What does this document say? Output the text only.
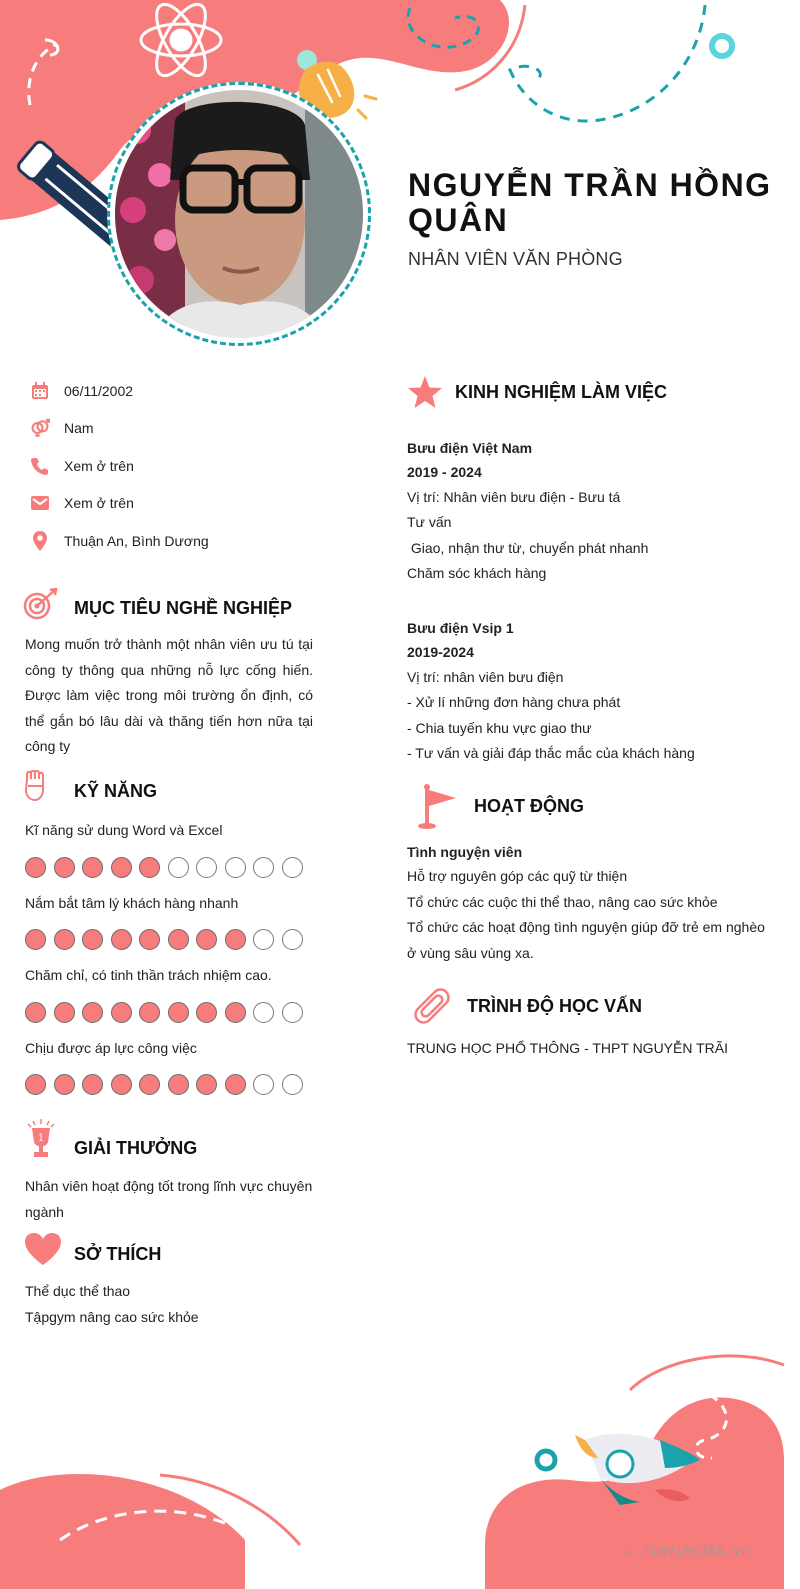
NGUYỄN TRẦN HỒNG QUÂN
NHÂN VIÊN VĂN PHÒNG
06/11/2002
Nam
Xem ở trên
Xem ở trên
Thuận An, Bình Dương
MỤC TIÊU NGHỀ NGHIỆP
Mong muốn trở thành một nhân viên ưu tú tại công ty thông qua những nỗ lực cống hiến. Được làm việc trong môi trường ổn định, có thể gắn bó lâu dài và thăng tiến hơn nữa tại công ty
KỸ NĂNG
Kĩ năng sử dung Word và Excel
Nắm bắt tâm lý khách hàng nhanh
Chăm chỉ, có tinh thần trách nhiệm cao.
Chịu được áp lực công việc
1 GIẢI THƯỞNG
Nhân viên hoạt động tốt trong lĩnh vực chuyên ngành
SỞ THÍCH
Thể dục thể thao
Tậpgym nâng cao sức khỏe
KINH NGHIỆM LÀM VIỆC
Bưu điện Việt Nam
2019 - 2024
Vị trí: Nhân viên bưu điện - Bưu tá
Tư vấn
Giao, nhận thư từ, chuyển phát nhanh
Chăm sóc khách hàng
Bưu điện Vsip 1
2019-2024
Vị trí: nhân viên bưu điện
- Xử lí những đơn hàng chưa phát
- Chia tuyến khu vực giao thư
- Tư vấn và giải đáp thắc mắc của khách hàng
HOẠT ĐỘNG
Tình nguyện viên
Hỗ trợ nguyên góp các quỹ từ thiện
Tổ chức các cuộc thi thể thao, nâng cao sức khỏe
Tổ chức các hoạt động tình nguyện giúp đỡ trẻ em nghèo ở vùng sâu vùng xa.
TRÌNH ĐỘ HỌC VẤN
TRUNG HỌC PHỔ THÔNG - THPT NGUYỄN TRÃI
∴ Timviec365.vn
